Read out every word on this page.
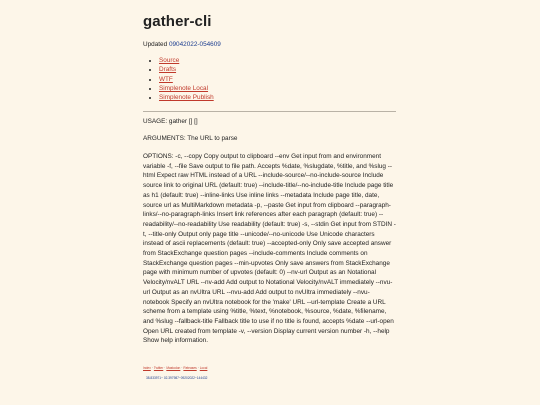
gather-cli
Updated 09042022-054609
• Source
• Drafts
• WTF
• Simplenote Local
• Simplenote Publish
USAGE: gather [] []
ARGUMENTS: The URL to parse
OPTIONS: -c, --copy Copy output to clipboard --env Get input from and environment variable -f, --file Save output to file path. Accepts %date, %slugdate, %title, and %slug --html Expect raw HTML instead of a URL --include-source/--no-include-source Include source link to original URL (default: true) --include-title/--no-include-title Include page title as h1 (default: true) --inline-links Use inline links --metadata Include page title, date, source url as MultiMarkdown metadata -p, --paste Get input from clipboard --paragraph-links/--no-paragraph-links Insert link references after each paragraph (default: true) --readability/--no-readability Use readability (default: true) -s, --stdin Get input from STDIN -t, --title-only Output only page title --unicode/--no-unicode Use Unicode characters instead of ascii replacements (default: true) --accepted-only Only save accepted answer from StackExchange question pages --include-comments Include comments on StackExchange question pages --min-upvotes Only save answers from StackExchange page with minimum number of upvotes (default: 0) --nv-url Output as an Notational Velocity/nvALT URL --nv-add Add output to Notational Velocity/nvALT immediately --nvu-url Output as an nvUltra URL --nvu-add Add output to nvUltra immediately --nvu-notebook Specify an nvUltra notebook for the 'make' URL --url-template Create a URL scheme from a template using %title, %text, %notebook, %source, %date, %filename, and %slug --fallback-title Fallback title to use if no title is found, accepts %date --url-open Open URL created from template -v, --version Display current version number -h, --help Show help information.
Index·Twitter·Mastodon·Releases·Local
38.833971~ 02.397987~09202022~144432
